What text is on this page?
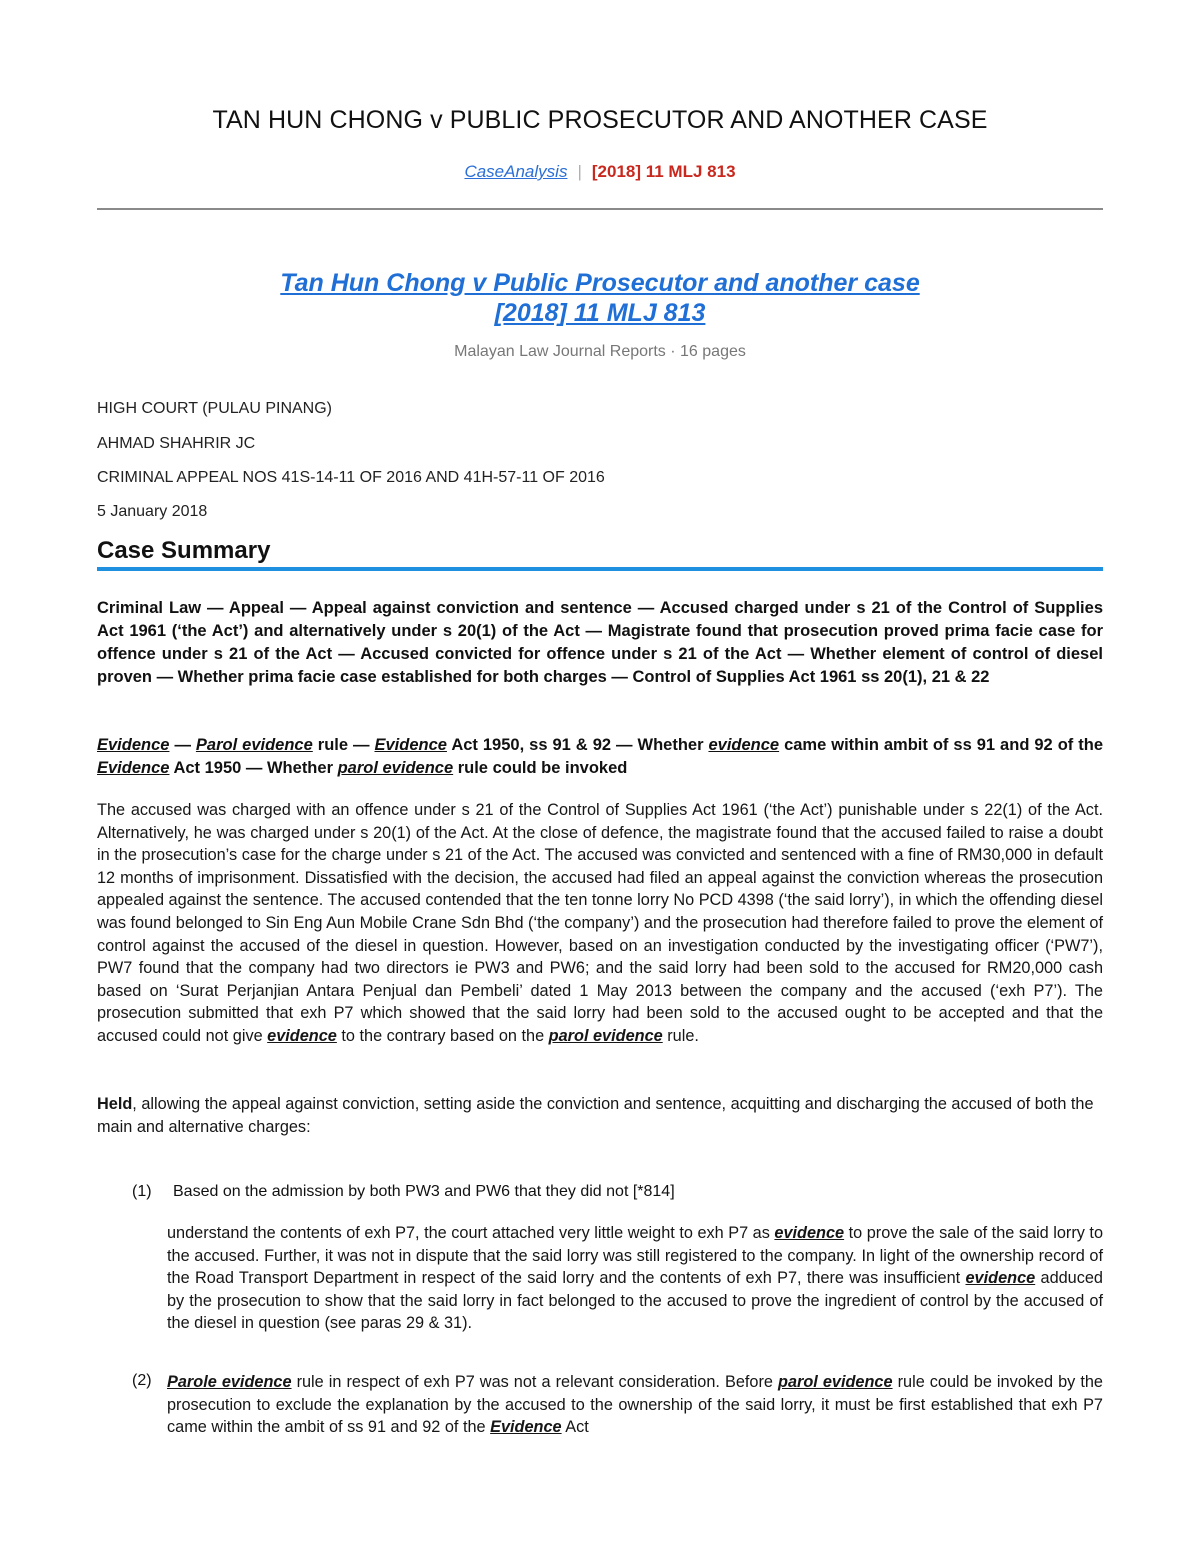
TAN HUN CHONG v PUBLIC PROSECUTOR AND ANOTHER CASE
CaseAnalysis | [2018] 11 MLJ 813
Tan Hun Chong v Public Prosecutor and another case
[2018] 11 MLJ 813
Malayan Law Journal Reports · 16 pages
HIGH COURT (PULAU PINANG)
AHMAD SHAHRIR JC
CRIMINAL APPEAL NOS 41S-14-11 OF 2016 AND 41H-57-11 OF 2016
5 January 2018
Case Summary
Criminal Law — Appeal — Appeal against conviction and sentence — Accused charged under s 21 of the Control of Supplies Act 1961 (‘the Act’) and alternatively under s 20(1) of the Act — Magistrate found that prosecution proved prima facie case for offence under s 21 of the Act — Accused convicted for offence under s 21 of the Act — Whether element of control of diesel proven — Whether prima facie case established for both charges — Control of Supplies Act 1961 ss 20(1), 21 & 22
Evidence — Parol evidence rule — Evidence Act 1950, ss 91 & 92 — Whether evidence came within ambit of ss 91 and 92 of the Evidence Act 1950 — Whether parol evidence rule could be invoked
The accused was charged with an offence under s 21 of the Control of Supplies Act 1961 (‘the Act’) punishable under s 22(1) of the Act. Alternatively, he was charged under s 20(1) of the Act. At the close of defence, the magistrate found that the accused failed to raise a doubt in the prosecution’s case for the charge under s 21 of the Act. The accused was convicted and sentenced with a fine of RM30,000 in default 12 months of imprisonment. Dissatisfied with the decision, the accused had filed an appeal against the conviction whereas the prosecution appealed against the sentence. The accused contended that the ten tonne lorry No PCD 4398 (‘the said lorry’), in which the offending diesel was found belonged to Sin Eng Aun Mobile Crane Sdn Bhd (‘the company’) and the prosecution had therefore failed to prove the element of control against the accused of the diesel in question. However, based on an investigation conducted by the investigating officer (‘PW7’), PW7 found that the company had two directors ie PW3 and PW6; and the said lorry had been sold to the accused for RM20,000 cash based on ‘Surat Perjanjian Antara Penjual dan Pembeli’ dated 1 May 2013 between the company and the accused (‘exh P7’). The prosecution submitted that exh P7 which showed that the said lorry had been sold to the accused ought to be accepted and that the accused could not give evidence to the contrary based on the parol evidence rule.
Held, allowing the appeal against conviction, setting aside the conviction and sentence, acquitting and discharging the accused of both the main and alternative charges:
(1) Based on the admission by both PW3 and PW6 that they did not [*814]
understand the contents of exh P7, the court attached very little weight to exh P7 as evidence to prove the sale of the said lorry to the accused. Further, it was not in dispute that the said lorry was still registered to the company. In light of the ownership record of the Road Transport Department in respect of the said lorry and the contents of exh P7, there was insufficient evidence adduced by the prosecution to show that the said lorry in fact belonged to the accused to prove the ingredient of control by the accused of the diesel in question (see paras 29 & 31).
(2) Parole evidence rule in respect of exh P7 was not a relevant consideration. Before parol evidence rule could be invoked by the prosecution to exclude the explanation by the accused to the ownership of the said lorry, it must be first established that exh P7 came within the ambit of ss 91 and 92 of the Evidence Act
